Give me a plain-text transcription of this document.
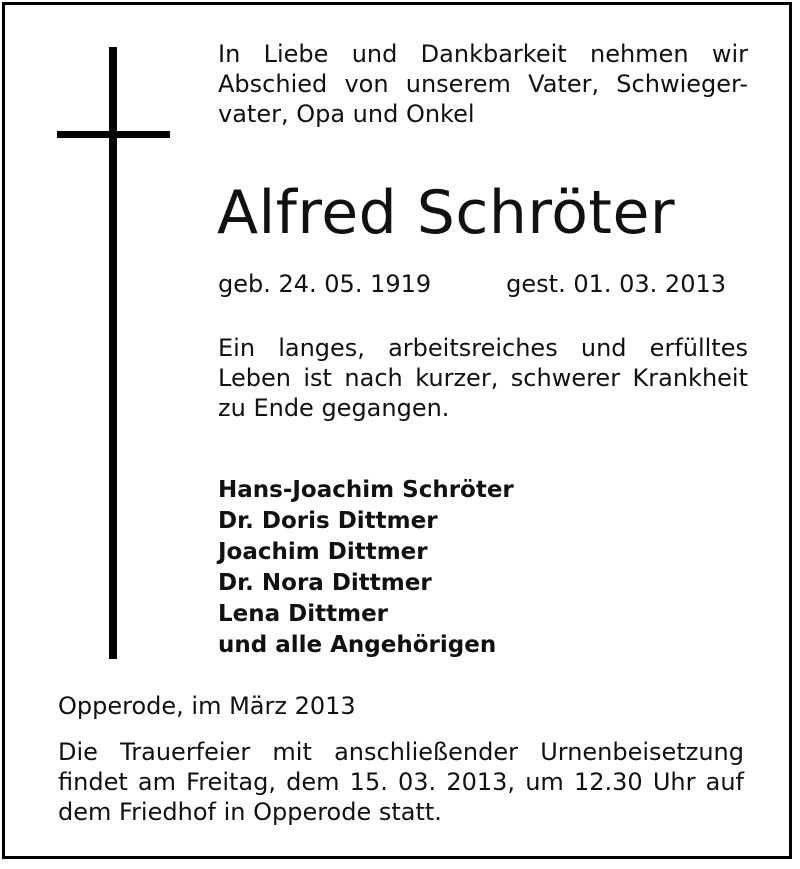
In Liebe und Dankbarkeit nehmen wir
Abschied von unserem Vater, Schwieger-
vater, Opa und Onkel
Alfred Schröter
geb. 24. 05. 1919	gest. 01. 03. 2013
Ein langes, arbeitsreiches und erfülltes
Leben ist nach kurzer, schwerer Krankheit
zu Ende gegangen.
Hans-Joachim Schröter
Dr. Doris Dittmer
Joachim Dittmer
Dr. Nora Dittmer
Lena Dittmer
und alle Angehörigen
Opperode, im März 2013
Die Trauerfeier mit anschließender Urnenbeisetzung
findet am Freitag, dem 15. 03. 2013, um 12.30 Uhr auf
dem Friedhof in Opperode statt.
